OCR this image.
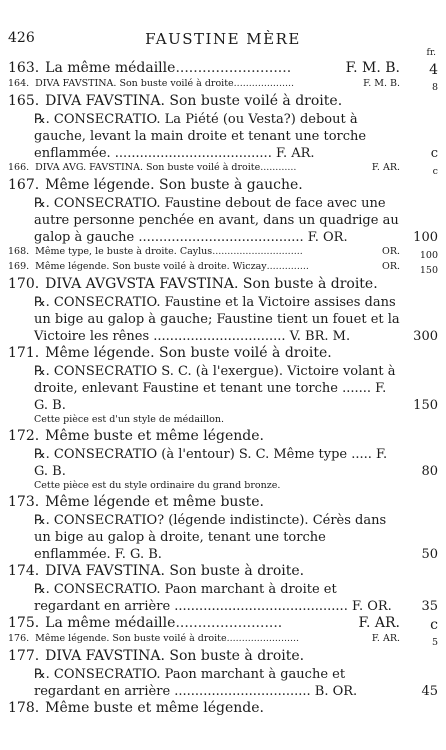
426	FAUSTINE MÈRE
fr.
163. La même médaille ..........................	F. M. B. 4
164. DIVA FAVSTINA. Son buste voilé à droite ....................	F. M. B.	8
165. DIVA FAVSTINA. Son buste voilé à droite.
℞. CONSECRATIO. La Piété (ou Vesta?) debout à gauche, levant la main droite et tenant une torche enflammée. ...................................... F. AR.	c
166. DIVA AVG. FAVSTINA. Son buste voilé à droite ............	F. AR.	c
167. Même légende. Son buste à gauche.
℞. CONSECRATIO. Faustine debout de face avec une autre personne penchée en avant, dans un quadrige au galop à gauche ........................................ F. OR.	100
168. Même type, le buste à droite. Caylus ..............................	OR. 100
169. Même légende. Son buste voilé à droite. Wiczay ..............	OR. 150
170. DIVA AVGVSTA FAVSTINA. Son buste à droite.
℞. CONSECRATIO. Faustine et la Victoire assises dans un bige au galop à gauche; Faustine tient un fouet et la Victoire les rênes ................................ V. BR. M.	300
171. Même légende. Son buste voilé à droite.
℞. CONSECRATIO S. C. (à l'exergue). Victoire volant à droite, enlevant Faustine et tenant une torche ....... F. G. B.	150
Cette pièce est d'un style de médaillon.
172. Même buste et même légende.
℞. CONSECRATIO (à l'entour) S. C. Même type ..... F. G. B.	80
Cette pièce est du style ordinaire du grand bronze.
173. Même légende et même buste.
℞. CONSECRATIO? (légende indistincte). Cérès dans un bige au galop à droite, tenant une torche enflammée. F. G. B.	50
174. DIVA FAVSTINA. Son buste à droite.
℞. CONSECRATIO. Paon marchant à droite et regardant en arrière .......................................... F. OR. 35
175. La même médaille ........................	F. AR. c
176. Même légende. Son buste voilé à droite ........................	F. AR.	5
177. DIVA FAVSTINA. Son buste à droite.
℞. CONSECRATIO. Paon marchant à gauche et regardant en arrière ................................. B. OR.	45
178. Même buste et même légende.
